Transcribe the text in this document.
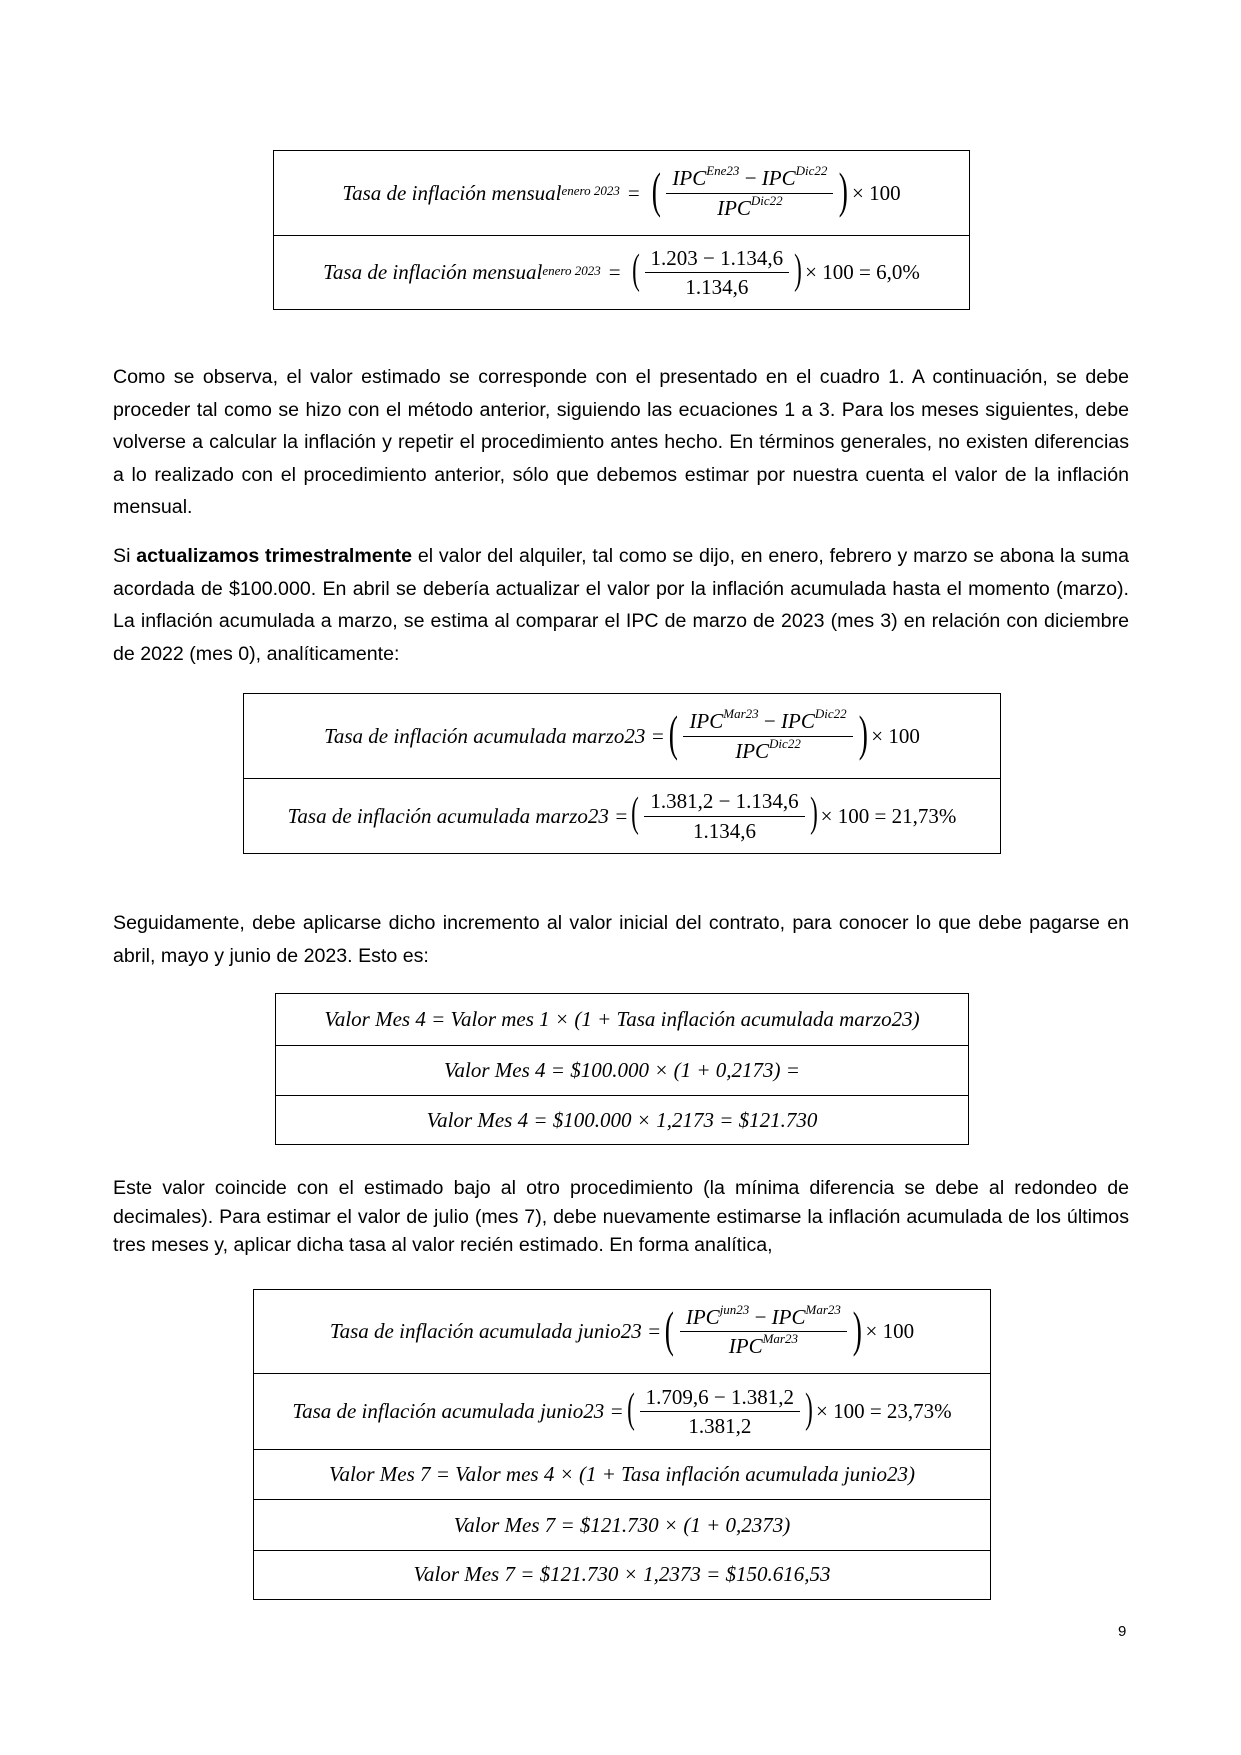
Tasa de inflación mensual$^{enero 2023}$ = ( $\frac{IPC^{Ene23} - IPC^{Dic22}}{IPC^{Dic22}}$ ) × 100
Tasa de inflación mensual$^{enero 2023}$ = ( $\frac{1.203 - 1.134,6}{1.134,6}$ ) × 100 = 6,0%

Como se observa, el valor estimado se corresponde con el presentado en el cuadro 1. A continuación, se debe proceder tal como se hizo con el método anterior, siguiendo las ecuaciones 1 a 3. Para los meses siguientes, debe volverse a calcular la inflación y repetir el procedimiento antes hecho. En términos generales, no existen diferencias a lo realizado con el procedimiento anterior, sólo que debemos estimar por nuestra cuenta el valor de la inflación mensual.

Si actualizamos trimestralmente el valor del alquiler, tal como se dijo, en enero, febrero y marzo se abona la suma acordada de $100.000. En abril se debería actualizar el valor por la inflación acumulada hasta el momento (marzo). La inflación acumulada a marzo, se estima al comparar el IPC de marzo de 2023 (mes 3) en relación con diciembre de 2022 (mes 0), analíticamente:

Tasa de inflación acumulada marzo23 = ( $\frac{IPC^{Mar23} - IPC^{Dic22}}{IPC^{Dic22}}$ ) × 100
Tasa de inflación acumulada marzo23 = ( $\frac{1.381,2 - 1.134,6}{1.134,6}$ ) × 100 = 21,73%

Seguidamente, debe aplicarse dicho incremento al valor inicial del contrato, para conocer lo que debe pagarse en abril, mayo y junio de 2023. Esto es:

Valor Mes 4 = Valor mes 1 × (1 + Tasa inflación acumulada marzo23)
Valor Mes 4 = $100.000 × (1 + 0,2173) =
Valor Mes 4 = $100.000 × 1,2173 = $121.730

Este valor coincide con el estimado bajo al otro procedimiento (la mínima diferencia se debe al redondeo de decimales). Para estimar el valor de julio (mes 7), debe nuevamente estimarse la inflación acumulada de los últimos tres meses y, aplicar dicha tasa al valor recién estimado. En forma analítica,

Tasa de inflación acumulada junio23 = ( $\frac{IPC^{jun23} - IPC^{Mar23}}{IPC^{Mar23}}$ ) × 100
Tasa de inflación acumulada junio23 = ( $\frac{1.709,6 - 1.381,2}{1.381,2}$ ) × 100 = 23,73%
Valor Mes 7 = Valor mes 4 × (1 + Tasa inflación acumulada junio23)
Valor Mes 7 = $121.730 × (1 + 0,2373)
Valor Mes 7 = $121.730 × 1,2373 = $150.616,53
9
